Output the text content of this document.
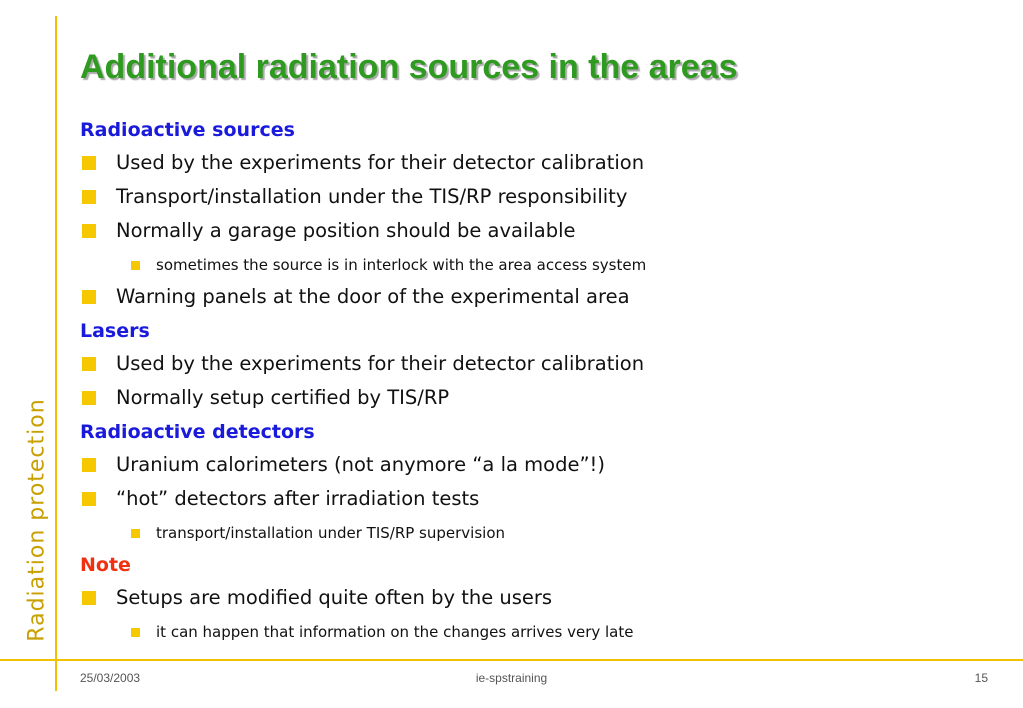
Radiation protection
Additional radiation sources in the areas
Radioactive sources
Used by the experiments for their detector calibration
Transport/installation under the TIS/RP responsibility
Normally a garage position should be available
sometimes the source is in interlock with the area access system
Warning panels at the door of the experimental area
Lasers
Used by the experiments for their detector calibration
Normally setup certified by TIS/RP
Radioactive detectors
Uranium calorimeters (not anymore “a la mode”!)
“hot” detectors after irradiation tests
transport/installation under TIS/RP supervision
Note
Setups are modified quite often by the users
it can happen that information on the changes arrives very late
25/03/2003	ie-spstraining	15
